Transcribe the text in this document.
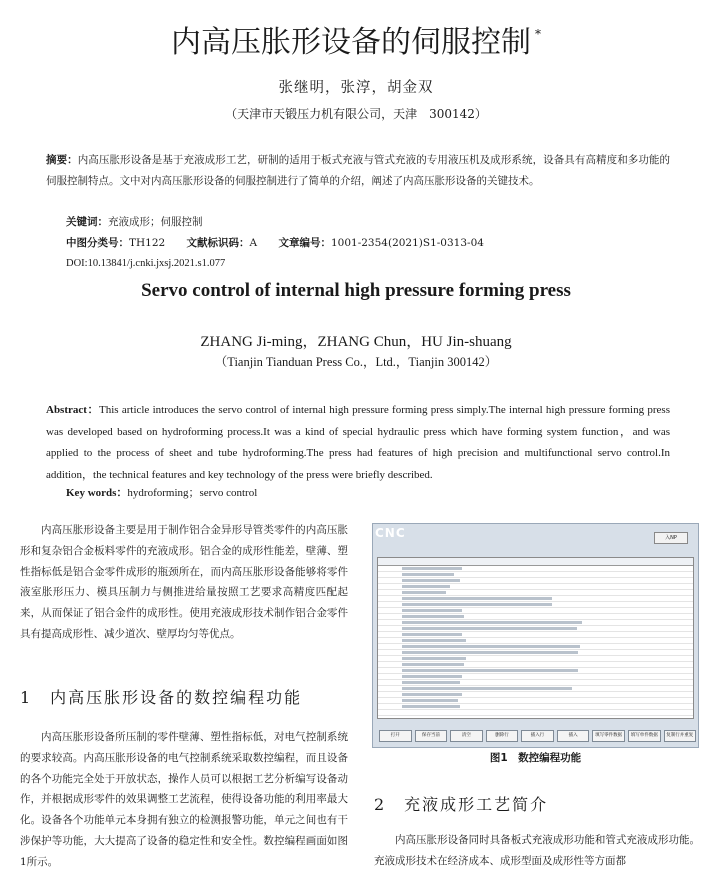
内高压胀形设备的伺服控制 *
张继明，张淳，胡金双
（天津市天锻压力机有限公司，天津　300142）
摘要：内高压胀形设备是基于充液成形工艺，研制的适用于板式充液与管式充液的专用液压机及成形系统，设备具有高精度和多功能的伺服控制特点。文中对内高压胀形设备的伺服控制进行了简单的介绍，阐述了内高压胀形设备的关键技术。
关键词：充液成形；伺服控制
中图分类号：TH122 文献标识码：A 文章编号：1001-2354(2021)S1-0313-04
DOI:10.13841/j.cnki.jxsj.2021.s1.077
Servo control of internal high pressure forming press
ZHANG Ji-ming，ZHANG Chun，HU Jin-shuang
（Tianjin Tianduan Press Co.，Ltd.，Tianjin 300142）
Abstract：This article introduces the servo control of internal high pressure forming press simply.The internal high pressure forming press was developed based on hydroforming process.It was a kind of special hydraulic press which have forming system function，and was applied to the process of sheet and tube hydroforming.The press had features of high precision and multifunctional servo control.In addition，the technical features and key technology of the press were briefly described.
Key words：hydroforming；servo control

内高压胀形设备主要是用于制作铝合金异形导管类零件的内高压胀形和复杂铝合金板料零件的充液成形。铝合金的成形性能差，壁薄、塑性指标低是铝合金零件成形的瓶颈所在，而内高压胀形设备能够将零件液室胀形压力、模具压制力与侧推进给量按照工艺要求高精度匹配起来，从而保证了铝合金件的成形性。使用充液成形技术制作铝合金零件具有提高成形性、减少道次、壁厚均匀等优点。

1　内高压胀形设备的数控编程功能
内高压胀形设备所压制的零件壁薄、塑性指标低，对电气控制系统的要求较高。内高压胀形设备的电气控制系统采取数控编程，而且设备的各个功能完全处于开放状态，操作人员可以根据工艺分析编写设备动作，并根据成形零件的效果调整工艺流程，使得设备功能的利用率最大化。设备各个功能单元本身拥有独立的检测报警功能，单元之间也有干涉保护等功能，大大提高了设备的稳定性和安全性。数控编程画面如图1所示。
CNC	入NP
打开	保存当前	清空	删除行	插入行	插入	填写零件数据	填写单件数据	复制行并重复
图1　数控编程功能
2　充液成形工艺简介
内高压胀形设备同时具备板式充液成形功能和管式充液成形功能。充液成形技术在经济成本、成形型面及成形性等方面都
